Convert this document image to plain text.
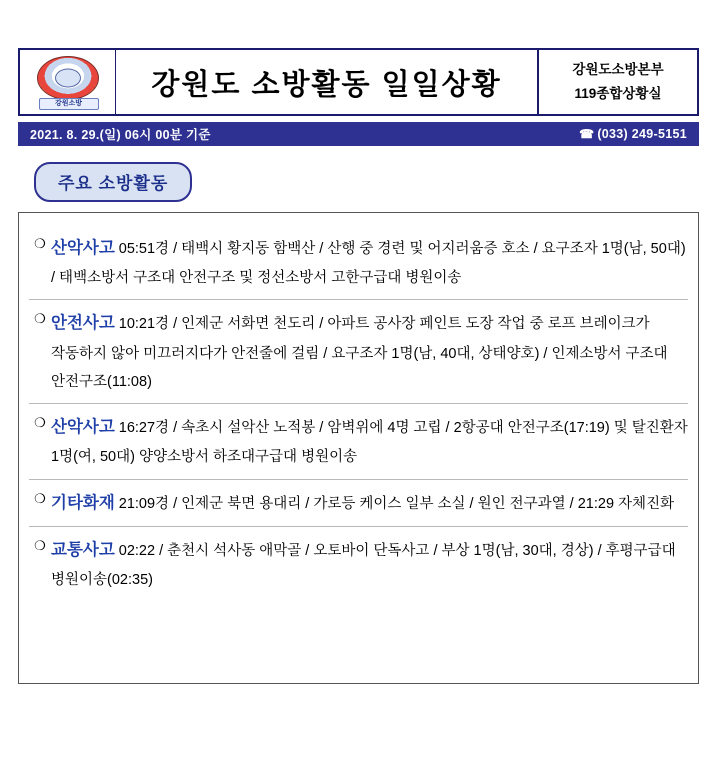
강원소방
강원도 소방활동 일일상황	강원도소방본부
119종합상황실
2021. 8. 29.(일) 06시 00분 기준	☎ (033) 249-5151
주요 소방활동
❍ 산악사고 05:51경 / 태백시 황지동 함백산 / 산행 중 경련 및 어지러움증 호소 / 요구조자 1명(남, 50대) / 태백소방서 구조대 안전구조 및 정선소방서 고한구급대 병원이송
❍ 안전사고 10:21경 / 인제군 서화면 천도리 / 아파트 공사장 페인트 도장 작업 중 로프 브레이크가 작동하지 않아 미끄러지다가 안전줄에 걸림 / 요구조자 1명(남, 40대, 상태양호) / 인제소방서 구조대 안전구조(11:08)
❍ 산악사고 16:27경 / 속초시 설악산 노적봉 / 암벽위에 4명 고립 / 2항공대 안전구조(17:19) 및 탈진환자 1명(여, 50대) 양양소방서 하조대구급대 병원이송
❍ 기타화재 21:09경 / 인제군 북면 용대리 / 가로등 케이스 일부 소실 / 원인 전구과열 / 21:29 자체진화
❍ 교통사고 02:22 / 춘천시 석사동 애막골 / 오토바이 단독사고 / 부상 1명(남, 30대, 경상) / 후평구급대 병원이송(02:35)
